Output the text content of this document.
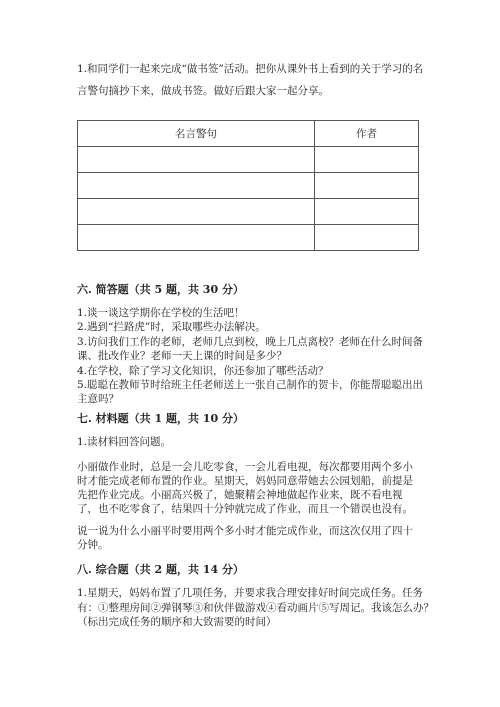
1.和同学们一起来完成“做书签”活动。把你从课外书上看到的关于学习的名

言警句摘抄下来，做成书签。做好后跟大家一起分享。

名言警句	作者

六. 简答题（共 5 题，共 30 分）

1.谈一谈这学期你在学校的生活吧！

2.遇到“拦路虎”时，采取哪些办法解决。

3.访问我们工作的老师，老师几点到校，晚上几点离校？老师在什么时间备

课、批改作业？老师一天上课的时间是多少？

4.在学校，除了学习文化知识，你还参加了哪些活动？

5.聪聪在教师节时给班主任老师送上一张自己制作的贺卡，你能帮聪聪出出

主意吗？

七. 材料题（共 1 题，共 10 分）

1.读材料回答问题。

小丽做作业时，总是一会儿吃零食，一会儿看电视，每次都要用两个多小时才能完成老师布置的作业。星期天，妈妈同意带她去公园划船，前提是先把作业完成。小丽高兴极了，她聚精会神地做起作业来，既不看电视了，也不吃零食了，结果四十分钟就完成了作业，而且一个错误也没有。

说一说为什么小丽平时要用两个多小时才能完成作业，而这次仅用了四十分钟。

八. 综合题（共 2 题，共 14 分）

1.星期天，妈妈布置了几项任务，并要求我合理安排好时间完成任务。任务

有：①整理房间②弹钢琴③和伙伴做游戏④看动画片⑤写周记。我该怎么办？

（标出完成任务的顺序和大致需要的时间）
